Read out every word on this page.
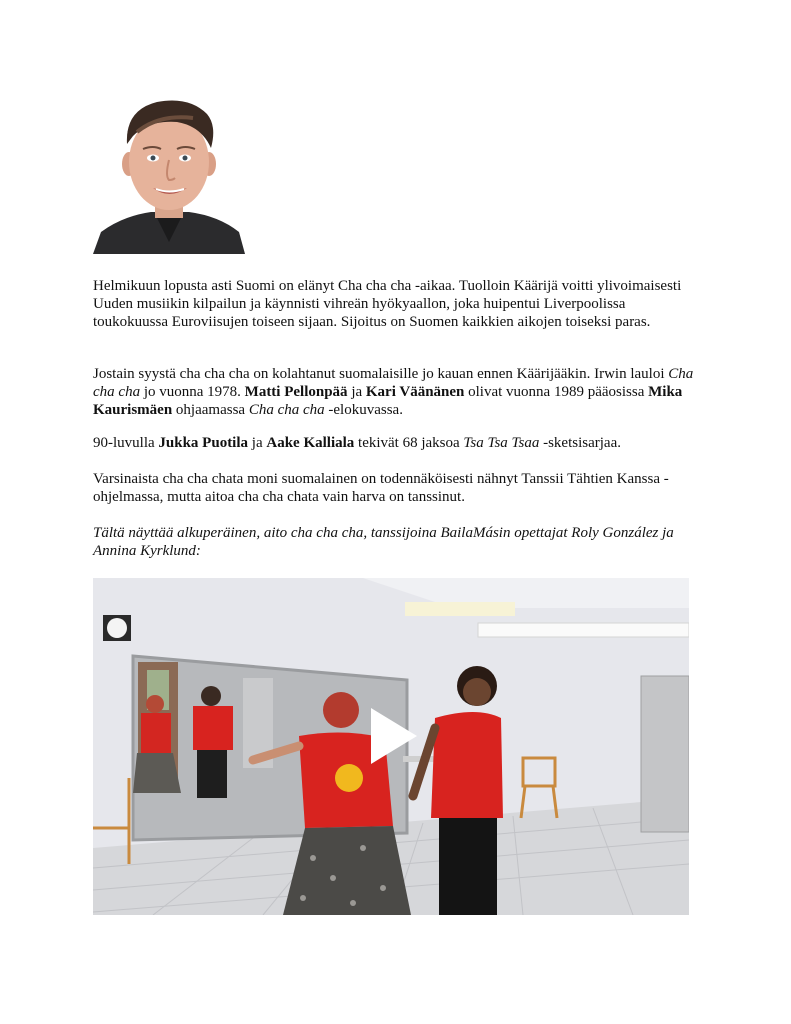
Helmikuun lopusta asti Suomi on elänyt Cha cha cha -aikaa. Tuolloin Käärijä voitti ylivoimaisesti Uuden musiikin kilpailun ja käynnisti vihreän hyökyaallon, joka huipentui Liverpoolissa toukokuussa Euroviisujen toiseen sijaan. Sijoitus on Suomen kaikkien aikojen toiseksi paras.

Jostain syystä cha cha cha on kolahtanut suomalaisille jo kauan ennen Käärijääkin. Irwin lauloi Cha cha cha jo vuonna 1978. Matti Pellonpää ja Kari Väänänen olivat vuonna 1989 pääosissa Mika Kaurismäen ohjaamassa Cha cha cha -elokuvassa.

90-luvulla Jukka Puotila ja Aake Kalliala tekivät 68 jaksoa Tsa Tsa Tsaa -sketsisarjaa.

Varsinaista cha cha chata moni suomalainen on todennäköisesti nähnyt Tanssii Tähtien Kanssa -ohjelmassa, mutta aitoa cha cha chata vain harva on tanssinut.

Tältä näyttää alkuperäinen, aito cha cha cha, tanssijoina BailaMásin opettajat Roly González ja Annina Kyrklund:
